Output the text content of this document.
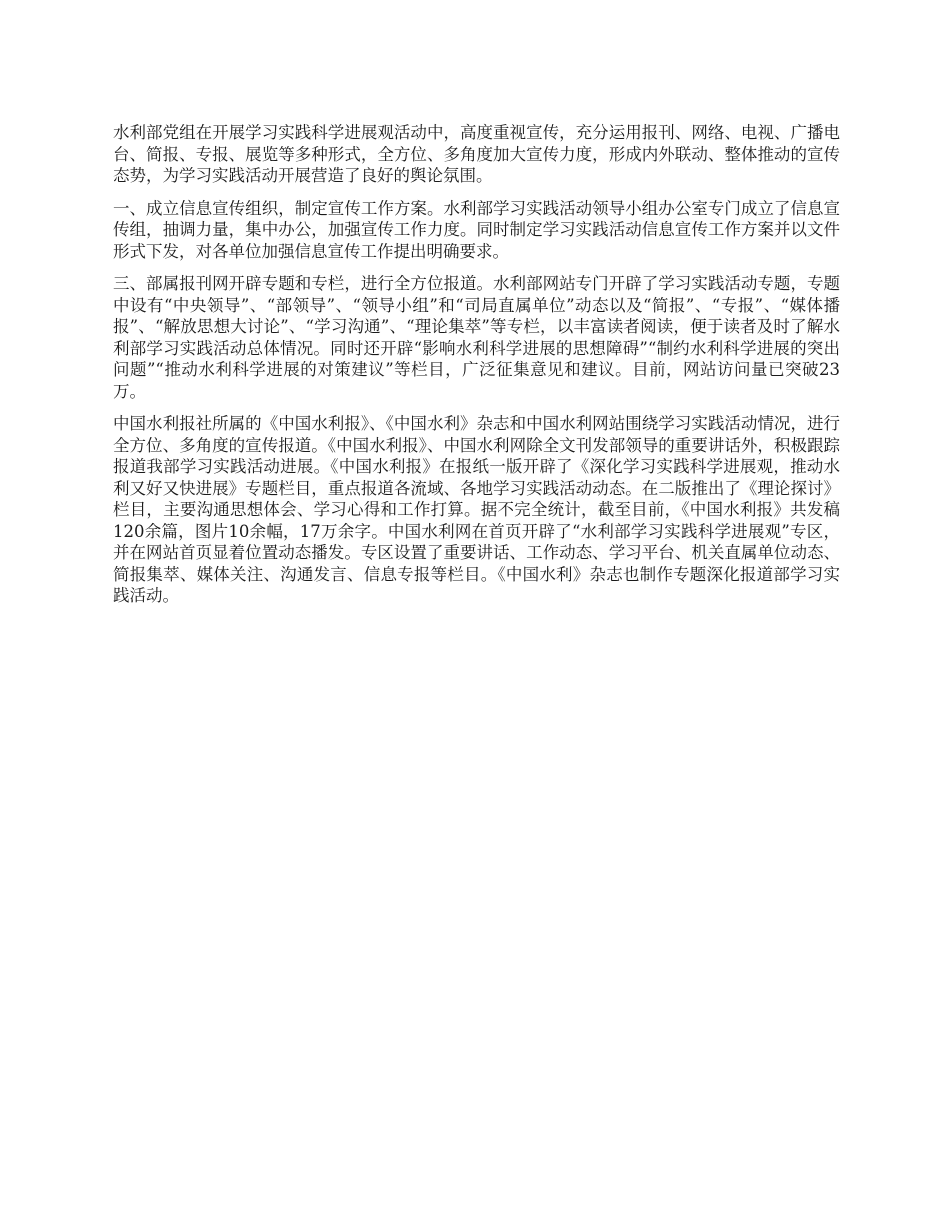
水利部党组在开展学习实践科学进展观活动中，高度重视宣传，充分运用报刊、网络、电视、广播电台、简报、专报、展览等多种形式，全方位、多角度加大宣传力度，形成内外联动、整体推动的宣传态势，为学习实践活动开展营造了良好的舆论氛围。

一、成立信息宣传组织，制定宣传工作方案。水利部学习实践活动领导小组办公室专门成立了信息宣传组，抽调力量，集中办公，加强宣传工作力度。同时制定学习实践活动信息宣传工作方案并以文件形式下发，对各单位加强信息宣传工作提出明确要求。

三、部属报刊网开辟专题和专栏，进行全方位报道。水利部网站专门开辟了学习实践活动专题，专题中设有“中央领导”、“部领导”、“领导小组”和“司局直属单位”动态以及“简报”、“专报”、“媒体播报”、“解放思想大讨论”、“学习沟通”、“理论集萃”等专栏，以丰富读者阅读，便于读者及时了解水利部学习实践活动总体情况。同时还开辟“影响水利科学进展的思想障碍”“制约水利科学进展的突出问题”“推动水利科学进展的对策建议”等栏目，广泛征集意见和建议。目前，网站访问量已突破23万。

中国水利报社所属的《中国水利报》、《中国水利》杂志和中国水利网站围绕学习实践活动情况，进行全方位、多角度的宣传报道。《中国水利报》、中国水利网除全文刊发部领导的重要讲话外，积极跟踪报道我部学习实践活动进展。《中国水利报》在报纸一版开辟了《深化学习实践科学进展观，推动水利又好又快进展》专题栏目，重点报道各流域、各地学习实践活动动态。在二版推出了《理论探讨》栏目，主要沟通思想体会、学习心得和工作打算。据不完全统计，截至目前，《中国水利报》共发稿120余篇，图片10余幅，17万余字。中国水利网在首页开辟了“水利部学习实践科学进展观”专区，并在网站首页显着位置动态播发。专区设置了重要讲话、工作动态、学习平台、机关直属单位动态、简报集萃、媒体关注、沟通发言、信息专报等栏目。《中国水利》杂志也制作专题深化报道部学习实践活动。
